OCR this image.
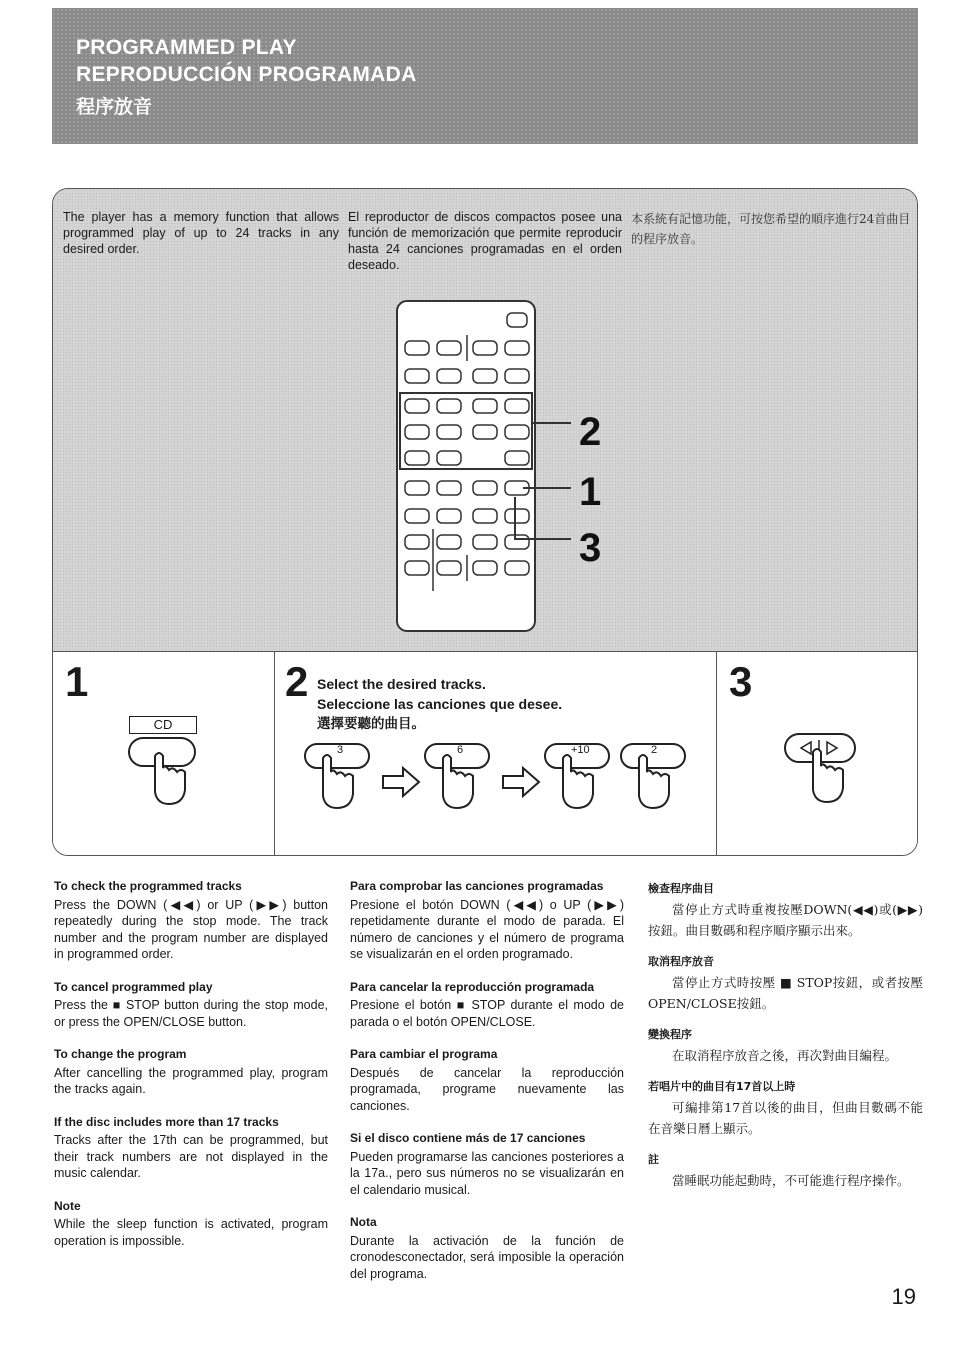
PROGRAMMED PLAY
REPRODUCCIÓN PROGRAMADA
程序放音
The player has a memory function that allows programmed play of up to 24 tracks in any desired order.
El reproductor de discos compactos posee una función de memorización que permite reproducir hasta 24 canciones programadas en el orden deseado.
本系統有記憶功能，可按您希望的順序進行24首曲目的程序放音。
2
1
3
1
CD
2 Select the desired tracks.
Seleccione las canciones que desee.
選擇要聽的曲目。
3	6	+10	2
3
To check the programmed tracks

Press the DOWN (◀◀) or UP (▶▶) button repeatedly during the stop mode. The track number and the program number are displayed in programmed order.

To cancel programmed play

Press the ■ STOP button during the stop mode, or press the OPEN/CLOSE button.

To change the program

After cancelling the programmed play, program the tracks again.

If the disc includes more than 17 tracks

Tracks after the 17th can be programmed, but their track numbers are not displayed in the music calendar.

Note

While the sleep function is activated, program operation is impossible.

Para comprobar las canciones programadas

Presione el botón DOWN (◀◀) o UP (▶▶) repetidamente durante el modo de parada. El número de canciones y el número de programa se visualizarán en el orden programado.

Para cancelar la reproducción programada

Presione el botón ■ STOP durante el modo de parada o el botón OPEN/CLOSE.

Para cambiar el programa

Después de cancelar la reproducción programada, programe nuevamente las canciones.

Si el disco contiene más de 17 canciones

Pueden programarse las canciones posteriores a la 17a., pero sus números no se visualizarán en el calendario musical.

Nota

Durante la activación de la función de cronodesconectador, será imposible la operación del programa.

檢查程序曲目

當停止方式時重複按壓DOWN(◀◀)或(▶▶)按鈕。曲目數碼和程序順序顯示出來。

取消程序放音

當停止方式時按壓 ■ STOP按鈕，或者按壓OPEN/CLOSE按鈕。

變換程序

在取消程序放音之後，再次對曲目編程。

若唱片中的曲目有17首以上時

可編排第17首以後的曲目，但曲目數碼不能在音樂日曆上顯示。

註

當睡眠功能起動時，不可能進行程序操作。

19
